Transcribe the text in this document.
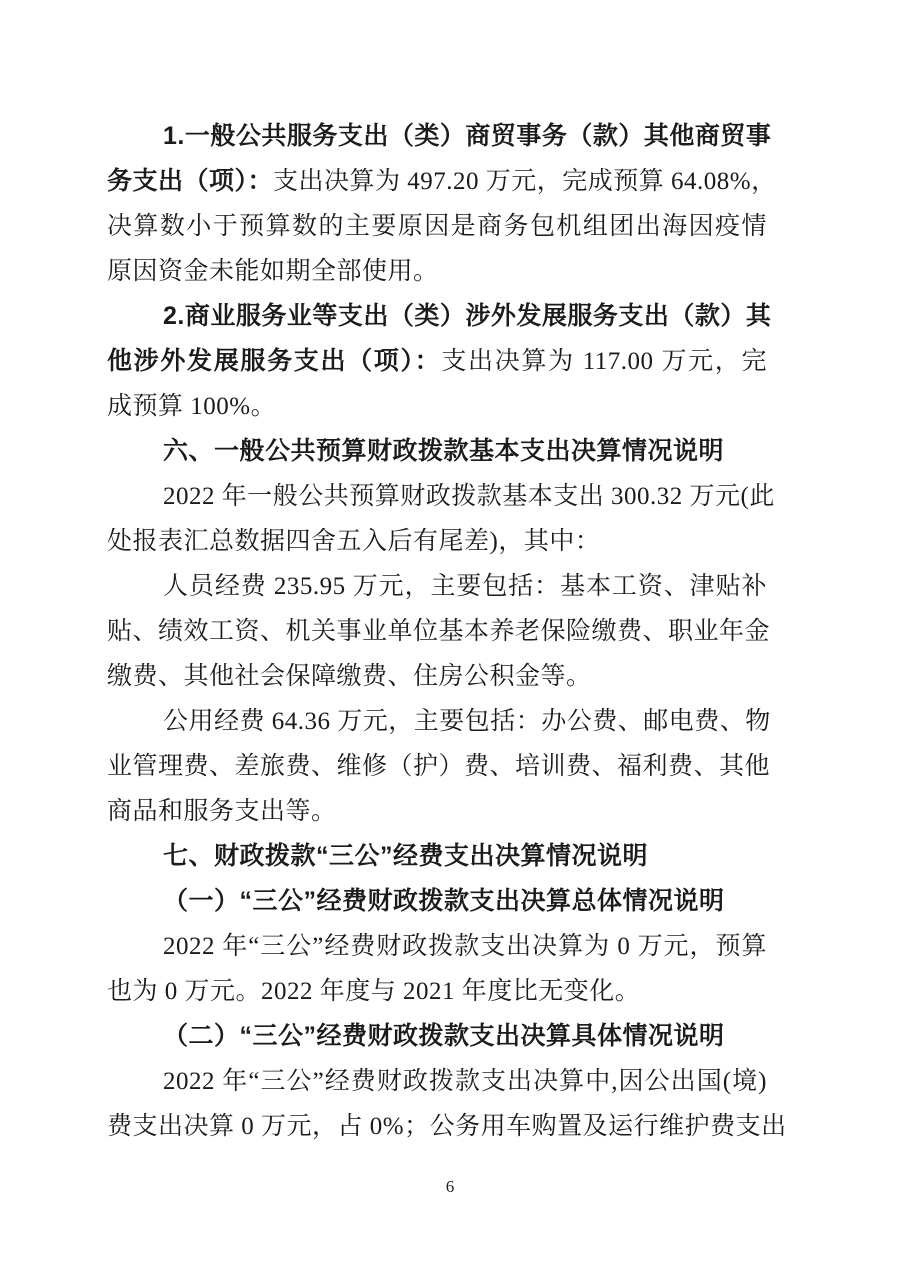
1.一般公共服务支出（类）商贸事务（款）其他商贸事
务支出（项）：支出决算为 497.20 万元，完成预算 64.08%，
决算数小于预算数的主要原因是商务包机组团出海因疫情
原因资金未能如期全部使用。
2.商业服务业等支出（类）涉外发展服务支出（款）其
他涉外发展服务支出（项）：支出决算为 117.00 万元，完
成预算 100%。
六、一般公共预算财政拨款基本支出决算情况说明
2022 年一般公共预算财政拨款基本支出 300.32 万元(此
处报表汇总数据四舍五入后有尾差)，其中：
人员经费 235.95 万元，主要包括：基本工资、津贴补
贴、绩效工资、机关事业单位基本养老保险缴费、职业年金
缴费、其他社会保障缴费、住房公积金等。
公用经费 64.36 万元，主要包括：办公费、邮电费、物
业管理费、差旅费、维修（护）费、培训费、福利费、其他
商品和服务支出等。
七、财政拨款“三公”经费支出决算情况说明
（一）“三公”经费财政拨款支出决算总体情况说明
2022 年“三公”经费财政拨款支出决算为 0 万元，预算
也为 0 万元。2022 年度与 2021 年度比无变化。
（二）“三公”经费财政拨款支出决算具体情况说明
2022 年“三公”经费财政拨款支出决算中,因公出国(境)
费支出决算 0 万元，占 0%；公务用车购置及运行维护费支出
6
